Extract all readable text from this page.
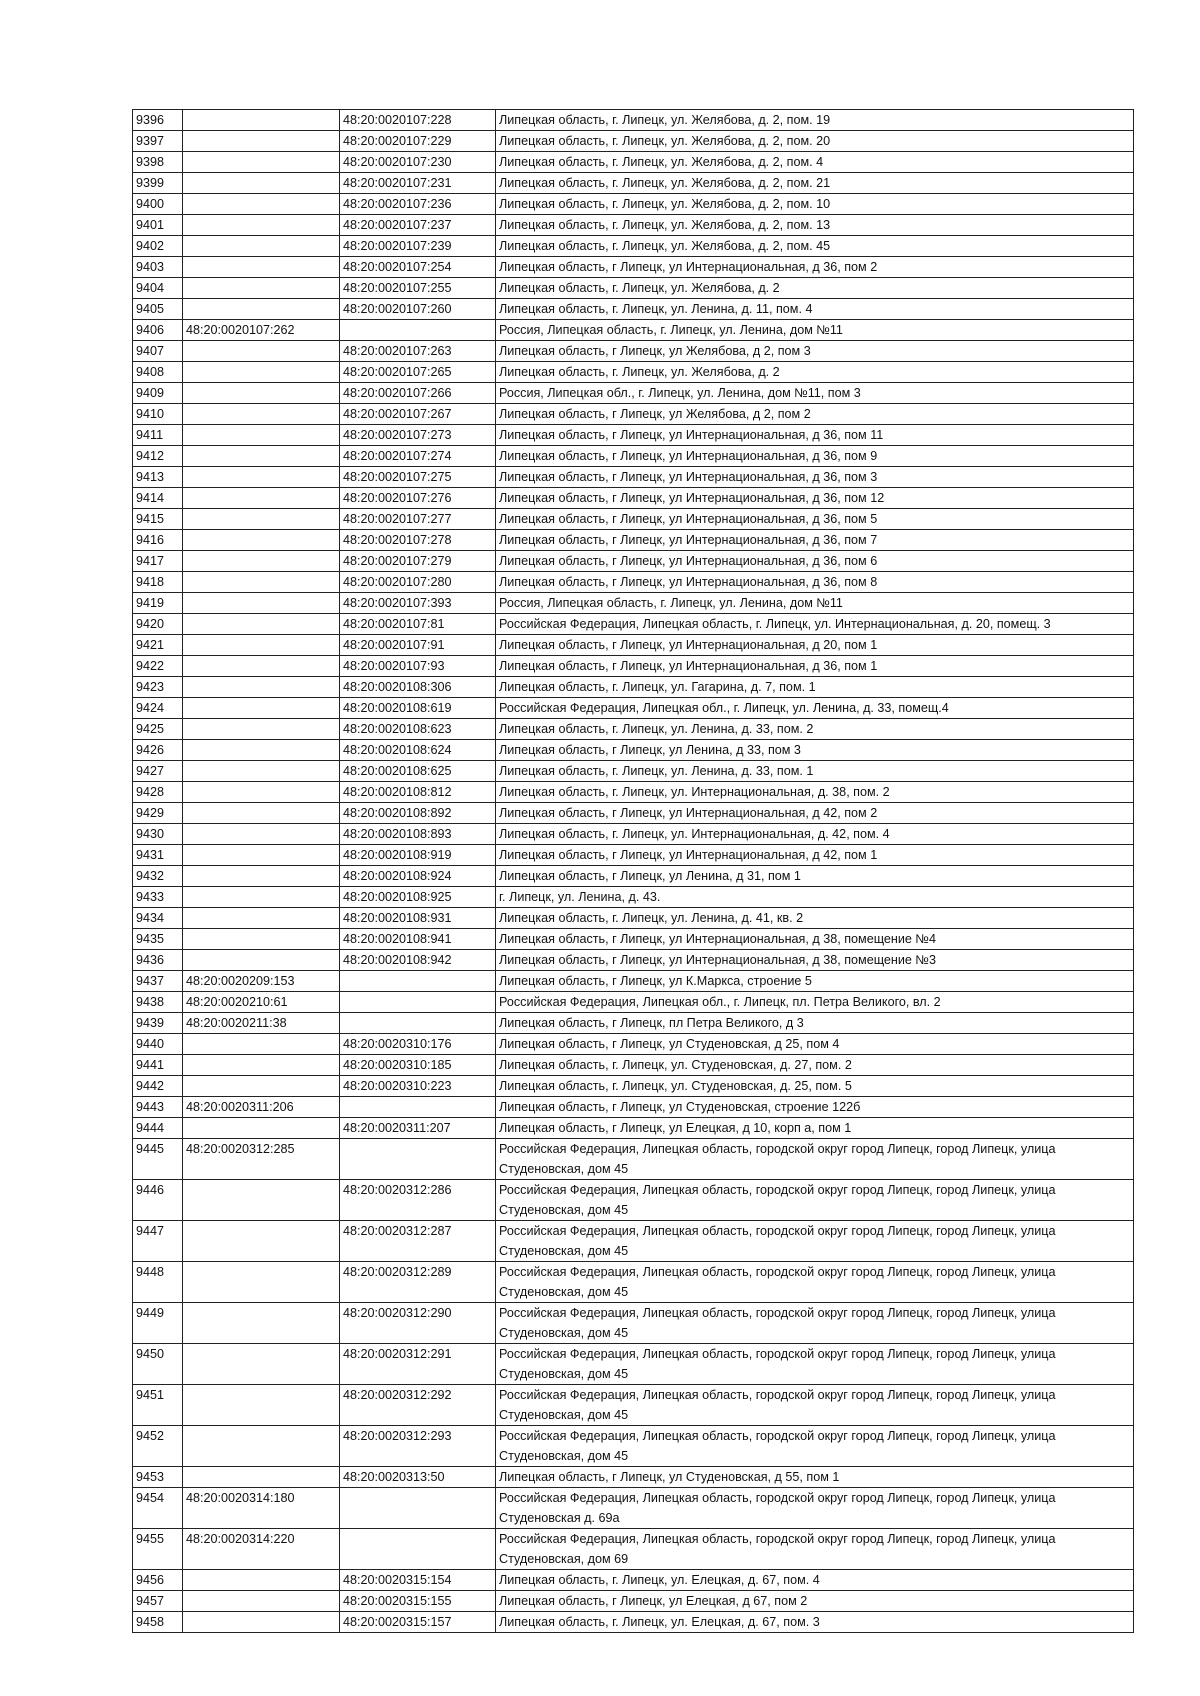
9396		48:20:0020107:228	Липецкая область, г. Липецк, ул. Желябова, д. 2, пом. 19
9397		48:20:0020107:229	Липецкая область, г. Липецк, ул. Желябова, д. 2, пом. 20
9398		48:20:0020107:230	Липецкая область, г. Липецк, ул. Желябова, д. 2, пом. 4
9399		48:20:0020107:231	Липецкая область, г. Липецк, ул. Желябова, д. 2, пом. 21
9400		48:20:0020107:236	Липецкая область, г. Липецк, ул. Желябова, д. 2, пом. 10
9401		48:20:0020107:237	Липецкая область, г. Липецк, ул. Желябова, д. 2, пом. 13
9402		48:20:0020107:239	Липецкая область, г. Липецк, ул. Желябова, д. 2, пом. 45
9403		48:20:0020107:254	Липецкая область, г Липецк, ул Интернациональная, д 36, пом 2
9404		48:20:0020107:255	Липецкая область, г. Липецк, ул. Желябова, д. 2
9405		48:20:0020107:260	Липецкая область, г. Липецк, ул. Ленина, д. 11, пом. 4
9406	48:20:0020107:262		Россия, Липецкая область, г. Липецк, ул. Ленина, дом №11
9407		48:20:0020107:263	Липецкая область, г Липецк, ул Желябова, д 2, пом 3
9408		48:20:0020107:265	Липецкая область, г. Липецк, ул. Желябова, д. 2
9409		48:20:0020107:266	Россия, Липецкая обл., г. Липецк, ул. Ленина, дом №11, пом 3
9410		48:20:0020107:267	Липецкая область, г Липецк, ул Желябова, д 2, пом 2
9411		48:20:0020107:273	Липецкая область, г Липецк, ул Интернациональная, д 36, пом 11
9412		48:20:0020107:274	Липецкая область, г Липецк, ул Интернациональная, д 36, пом 9
9413		48:20:0020107:275	Липецкая область, г Липецк, ул Интернациональная, д 36, пом 3
9414		48:20:0020107:276	Липецкая область, г Липецк, ул Интернациональная, д 36, пом 12
9415		48:20:0020107:277	Липецкая область, г Липецк, ул Интернациональная, д 36, пом 5
9416		48:20:0020107:278	Липецкая область, г Липецк, ул Интернациональная, д 36, пом 7
9417		48:20:0020107:279	Липецкая область, г Липецк, ул Интернациональная, д 36, пом 6
9418		48:20:0020107:280	Липецкая область, г Липецк, ул Интернациональная, д 36, пом 8
9419		48:20:0020107:393	Россия, Липецкая область, г. Липецк, ул. Ленина, дом №11
9420		48:20:0020107:81	Российская Федерация, Липецкая область, г. Липецк, ул. Интернациональная, д. 20, помещ. 3
9421		48:20:0020107:91	Липецкая область, г Липецк, ул Интернациональная, д 20, пом 1
9422		48:20:0020107:93	Липецкая область, г Липецк, ул Интернациональная, д 36, пом 1
9423		48:20:0020108:306	Липецкая область, г. Липецк, ул. Гагарина, д. 7, пом. 1
9424		48:20:0020108:619	Российская Федерация, Липецкая обл., г. Липецк, ул. Ленина, д. 33, помещ.4
9425		48:20:0020108:623	Липецкая область, г. Липецк, ул. Ленина, д. 33, пом. 2
9426		48:20:0020108:624	Липецкая область, г Липецк, ул Ленина, д 33, пом 3
9427		48:20:0020108:625	Липецкая область, г. Липецк, ул. Ленина, д. 33, пом. 1
9428		48:20:0020108:812	Липецкая область, г. Липецк, ул. Интернациональная, д. 38, пом. 2
9429		48:20:0020108:892	Липецкая область, г Липецк, ул Интернациональная, д 42, пом 2
9430		48:20:0020108:893	Липецкая область, г. Липецк, ул. Интернациональная, д. 42, пом. 4
9431		48:20:0020108:919	Липецкая область, г Липецк, ул Интернациональная, д 42, пом 1
9432		48:20:0020108:924	Липецкая область, г Липецк, ул Ленина, д 31, пом 1
9433		48:20:0020108:925	г. Липецк, ул. Ленина, д. 43.
9434		48:20:0020108:931	Липецкая область, г. Липецк, ул. Ленина, д. 41, кв. 2
9435		48:20:0020108:941	Липецкая область, г Липецк, ул Интернациональная, д 38, помещение №4
9436		48:20:0020108:942	Липецкая область, г Липецк, ул Интернациональная, д 38, помещение №3
9437	48:20:0020209:153		Липецкая область, г Липецк, ул К.Маркса, строение 5
9438	48:20:0020210:61		Российская Федерация, Липецкая обл., г. Липецк, пл. Петра Великого, вл. 2
9439	48:20:0020211:38		Липецкая область, г Липецк, пл Петра Великого, д 3
9440		48:20:0020310:176	Липецкая область, г Липецк, ул Студеновская, д 25, пом 4
9441		48:20:0020310:185	Липецкая область, г. Липецк, ул. Студеновская, д. 27, пом. 2
9442		48:20:0020310:223	Липецкая область, г. Липецк, ул. Студеновская, д. 25, пом. 5
9443	48:20:0020311:206		Липецкая область, г Липецк, ул Студеновская, строение 122б
9444		48:20:0020311:207	Липецкая область, г Липецк, ул Елецкая, д 10, корп а, пом 1
9445	48:20:0020312:285		Российская Федерация, Липецкая область, городской округ город Липецк, город Липецк, улица Студеновская, дом 45
9446		48:20:0020312:286	Российская Федерация, Липецкая область, городской округ город Липецк, город Липецк, улица Студеновская, дом 45
9447		48:20:0020312:287	Российская Федерация, Липецкая область, городской округ город Липецк, город Липецк, улица Студеновская, дом 45
9448		48:20:0020312:289	Российская Федерация, Липецкая область, городской округ город Липецк, город Липецк, улица Студеновская, дом 45
9449		48:20:0020312:290	Российская Федерация, Липецкая область, городской округ город Липецк, город Липецк, улица Студеновская, дом 45
9450		48:20:0020312:291	Российская Федерация, Липецкая область, городской округ город Липецк, город Липецк, улица Студеновская, дом 45
9451		48:20:0020312:292	Российская Федерация, Липецкая область, городской округ город Липецк, город Липецк, улица Студеновская, дом 45
9452		48:20:0020312:293	Российская Федерация, Липецкая область, городской округ город Липецк, город Липецк, улица Студеновская, дом 45
9453		48:20:0020313:50	Липецкая область, г Липецк, ул Студеновская, д 55, пом 1
9454	48:20:0020314:180		Российская Федерация, Липецкая область, городской округ город Липецк, город Липецк, улица Студеновская д. 69а
9455	48:20:0020314:220		Российская Федерация, Липецкая область, городской округ город Липецк, город Липецк, улица Студеновская, дом 69
9456		48:20:0020315:154	Липецкая область, г. Липецк, ул. Елецкая, д. 67, пом. 4
9457		48:20:0020315:155	Липецкая область, г Липецк, ул Елецкая, д 67, пом 2
9458		48:20:0020315:157	Липецкая область, г. Липецк, ул. Елецкая, д. 67, пом. 3
